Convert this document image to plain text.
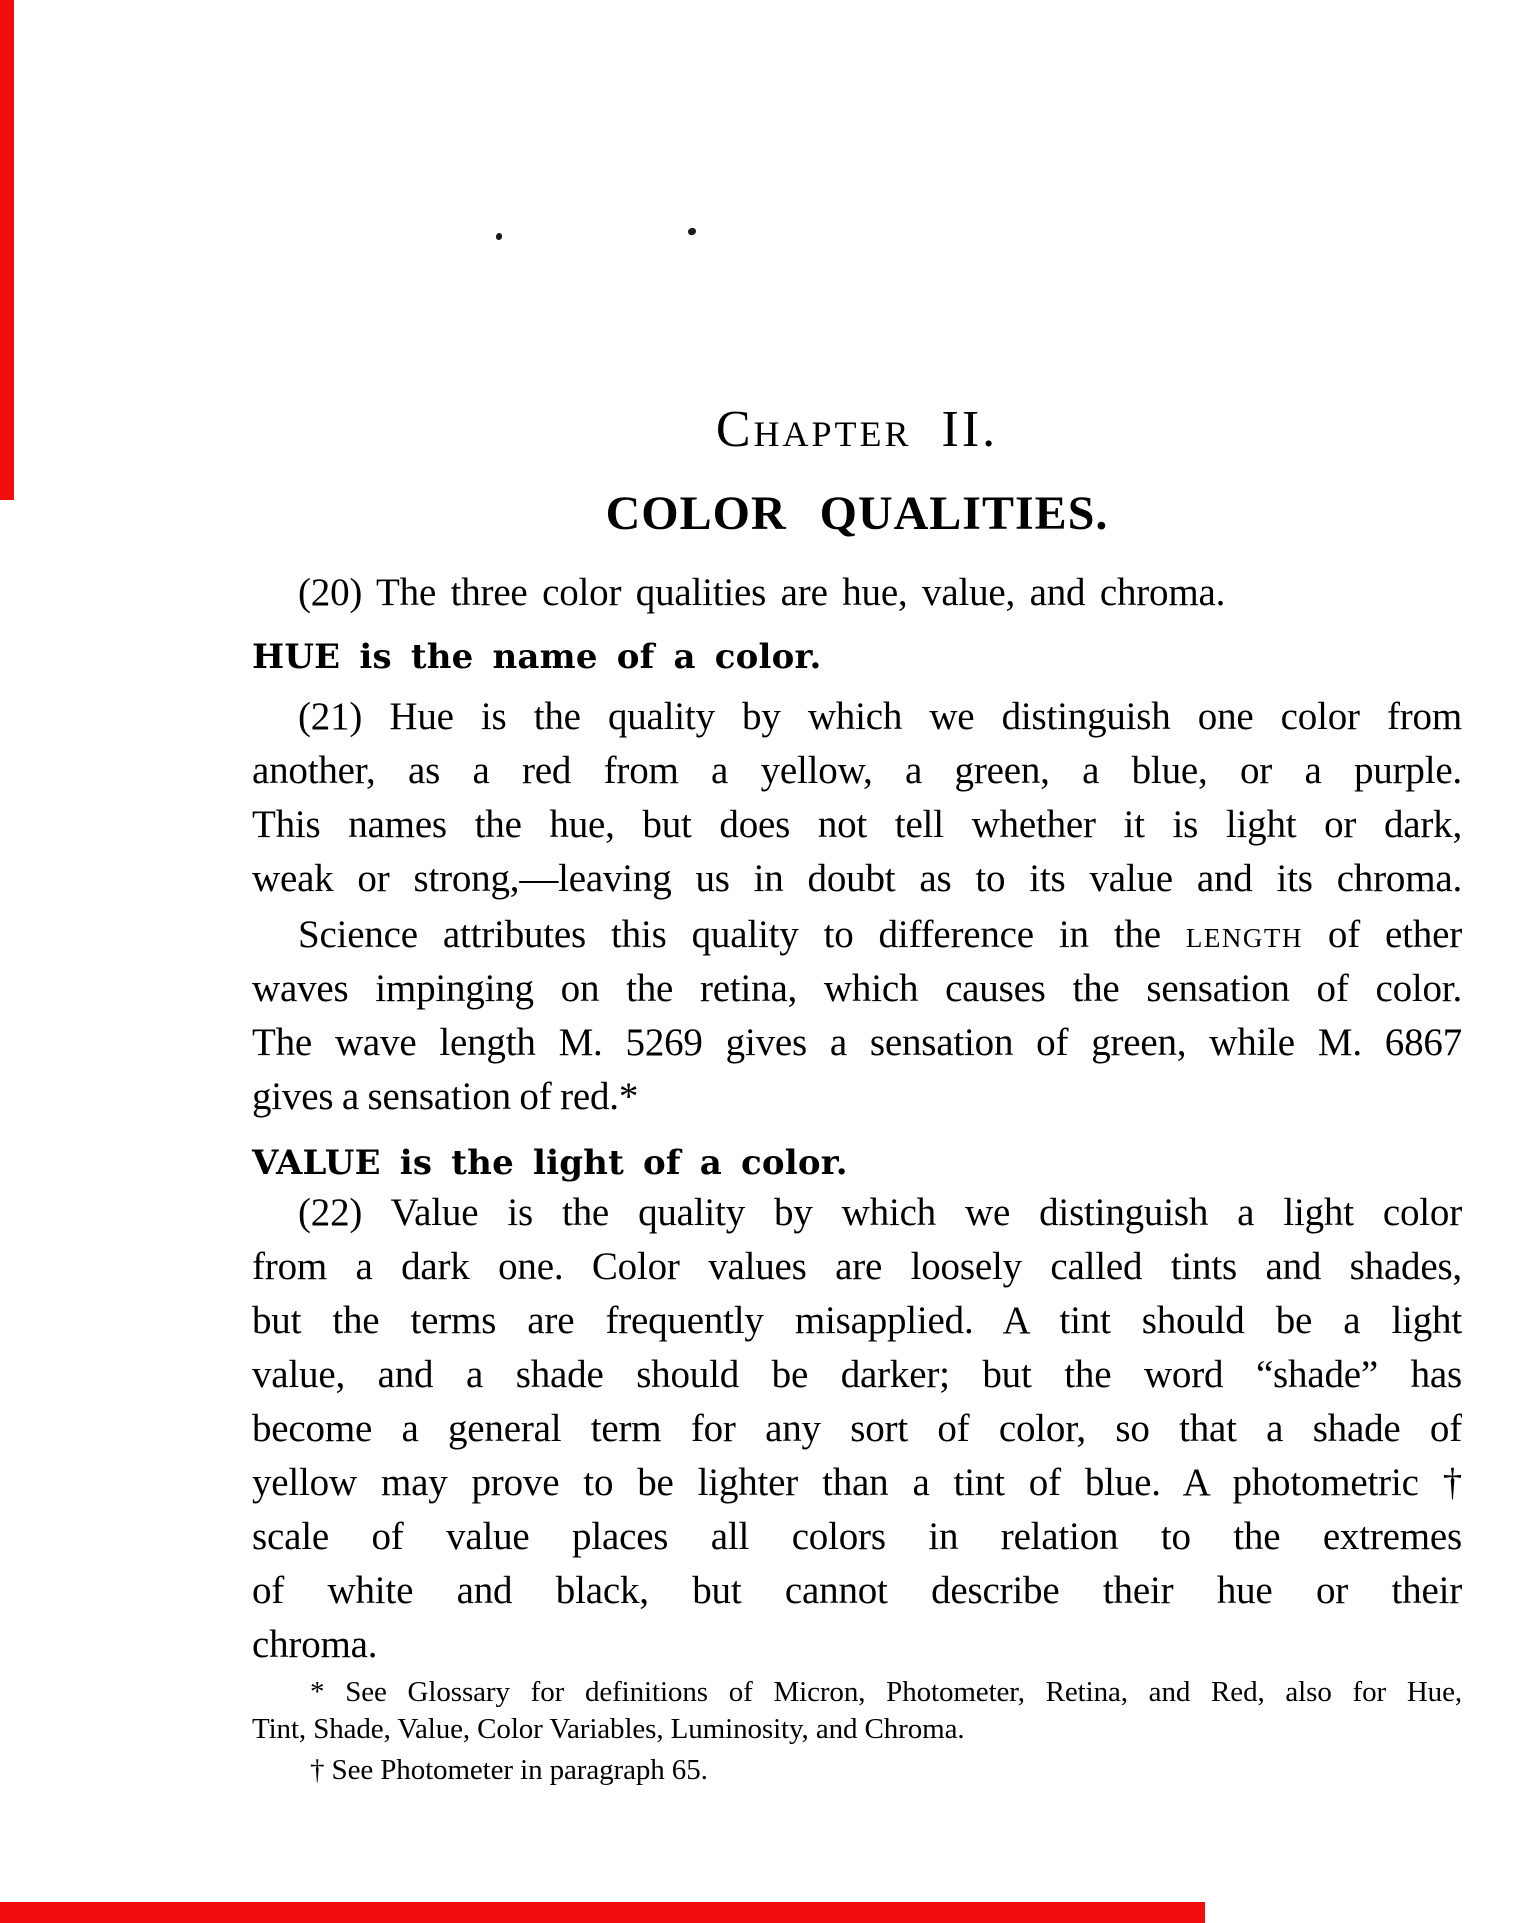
Chapter II.
COLOR QUALITIES.
(20) The three color qualities are hue, value, and chroma.
HUE is the name of a color.
(21) Hue is the quality by which we distinguish one color from
another, as a red from a yellow, a green, a blue, or a purple.
This names the hue, but does not tell whether it is light or dark,
weak or strong,—leaving us in doubt as to its value and its chroma.
Science attributes this quality to difference in the length of ether
waves impinging on the retina, which causes the sensation of color.
The wave length M. 5269 gives a sensation of green, while M. 6867
gives a sensation of red.*
VALUE is the light of a color.
(22) Value is the quality by which we distinguish a light color
from a dark one. Color values are loosely called tints and shades,
but the terms are frequently misapplied. A tint should be a light
value, and a shade should be darker; but the word “shade” has
become a general term for any sort of color, so that a shade of
yellow may prove to be lighter than a tint of blue. A photometric †
scale of value places all colors in relation to the extremes
of white and black, but cannot describe their hue or their
chroma.
* See Glossary for definitions of Micron, Photometer, Retina, and Red, also for Hue,
Tint, Shade, Value, Color Variables, Luminosity, and Chroma.
† See Photometer in paragraph 65.
